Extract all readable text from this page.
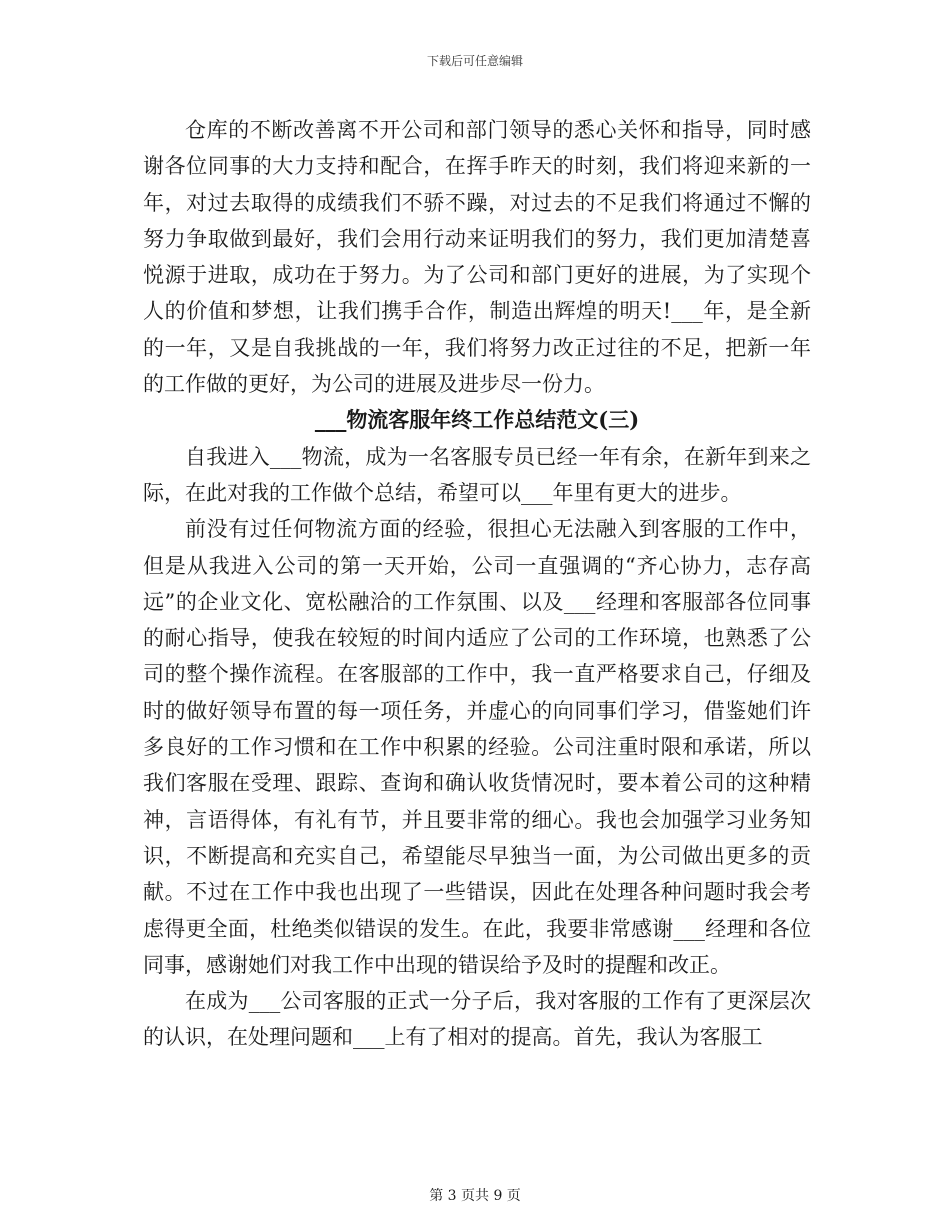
下载后可任意编辑

仓库的不断改善离不开公司和部门领导的悉心关怀和指导，同时感谢各位同事的大力支持和配合，在挥手昨天的时刻，我们将迎来新的一年，对过去取得的成绩我们不骄不躁，对过去的不足我们将通过不懈的努力争取做到最好，我们会用行动来证明我们的努力，我们更加清楚喜悦源于进取，成功在于努力。为了公司和部门更好的进展，为了实现个人的价值和梦想，让我们携手合作，制造出辉煌的明天!___年，是全新的一年，又是自我挑战的一年，我们将努力改正过往的不足，把新一年的工作做的更好，为公司的进展及进步尽一份力。

___物流客服年终工作总结范文(三)

自我进入___物流，成为一名客服专员已经一年有余，在新年到来之际，在此对我的工作做个总结，希望可以___年里有更大的进步。

前没有过任何物流方面的经验，很担心无法融入到客服的工作中，但是从我进入公司的第一天开始，公司一直强调的“齐心协力，志存高远”的企业文化、宽松融洽的工作氛围、以及___经理和客服部各位同事的耐心指导，使我在较短的时间内适应了公司的工作环境，也熟悉了公司的整个操作流程。在客服部的工作中，我一直严格要求自己，仔细及时的做好领导布置的每一项任务，并虚心的向同事们学习，借鉴她们许多良好的工作习惯和在工作中积累的经验。公司注重时限和承诺，所以我们客服在受理、跟踪、查询和确认收货情况时，要本着公司的这种精神，言语得体，有礼有节，并且要非常的细心。我也会加强学习业务知识，不断提高和充实自己，希望能尽早独当一面，为公司做出更多的贡献。不过在工作中我也出现了一些错误，因此在处理各种问题时我会考虑得更全面，杜绝类似错误的发生。在此，我要非常感谢___经理和各位同事，感谢她们对我工作中出现的错误给予及时的提醒和改正。

在成为___公司客服的正式一分子后，我对客服的工作有了更深层次的认识，在处理问题和___上有了相对的提高。首先，我认为客服工

第 3 页共 9 页
